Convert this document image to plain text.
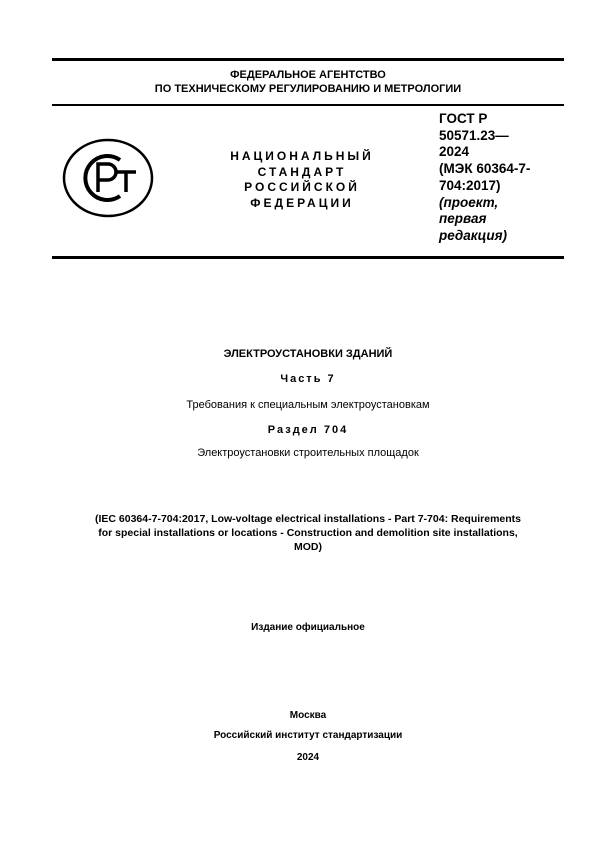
ФЕДЕРАЛЬНОЕ АГЕНТСТВО
ПО ТЕХНИЧЕСКОМУ РЕГУЛИРОВАНИЮ И МЕТРОЛОГИИ
НАЦИОНАЛЬНЫЙ
СТАНДАРТ
РОССИЙСКОЙ
ФЕДЕРАЦИИ
ГОСТ Р
50571.23—
2024
(МЭК 60364-7-
704:2017)
(проект,
первая
редакция)
ЭЛЕКТРОУСТАНОВКИ ЗДАНИЙ
Часть 7
Требования к специальным электроустановкам
Раздел 704
Электроустановки строительных площадок
(IEC 60364-7-704:2017, Low-voltage electrical installations - Part 7-704: Requirements
for special installations or locations - Construction and demolition site installations,
MOD)
Издание официальное
Москва
Российский институт стандартизации
2024
